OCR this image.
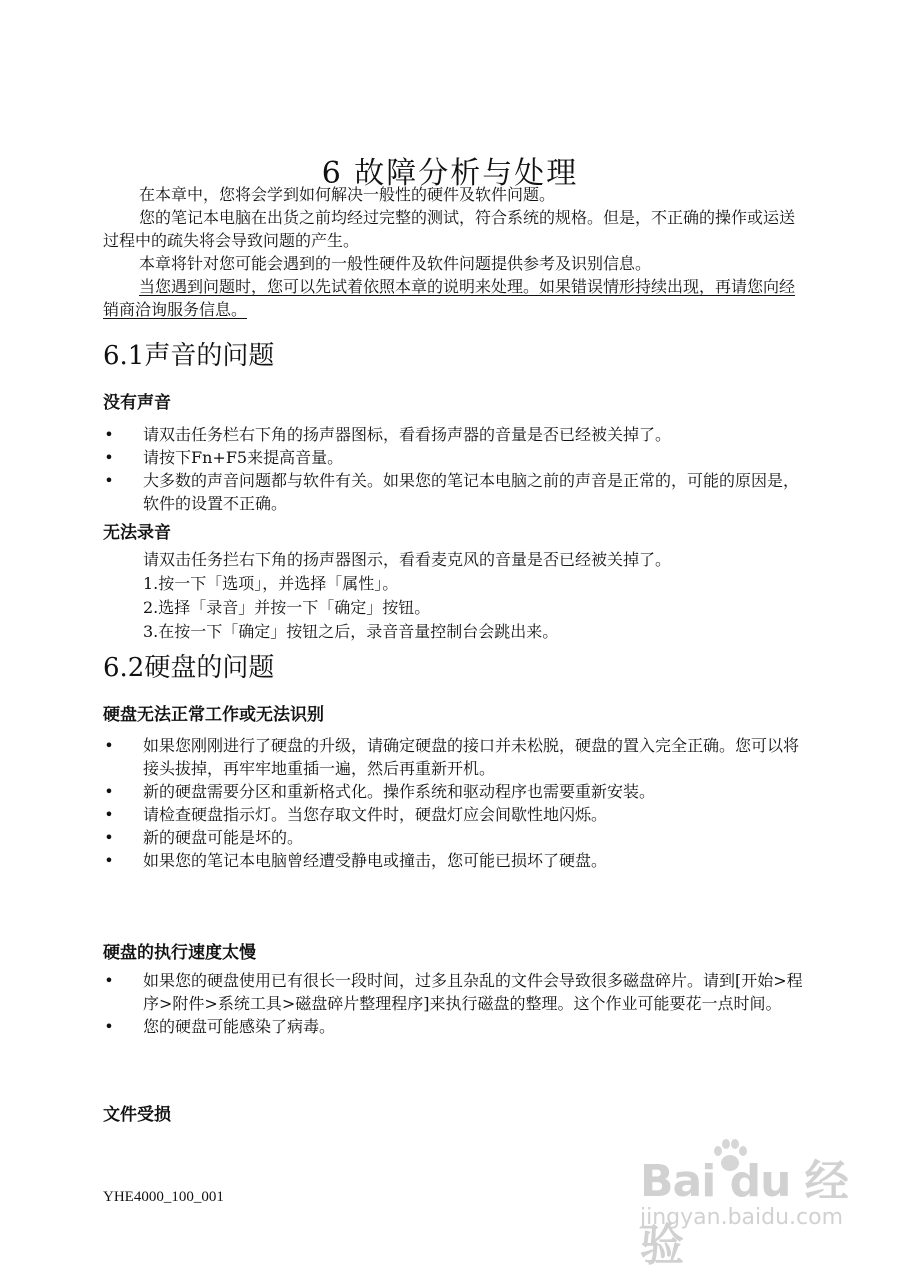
6 故障分析与处理

在本章中，您将会学到如何解决一般性的硬件及软件问题。

您的笔记本电脑在出货之前均经过完整的测试，符合系统的规格。但是，不正确的操作或运送过程中的疏失将会导致问题的产生。

本章将针对您可能会遇到的一般性硬件及软件问题提供参考及识别信息。

当您遇到问题时，您可以先试着依照本章的说明来处理。如果错误情形持续出现，再请您向经销商洽询服务信息。

6.1声音的问题
没有声音
• 请双击任务栏右下角的扬声器图标，看看扬声器的音量是否已经被关掉了。
• 请按下Fn+F5来提高音量。
• 大多数的声音问题都与软件有关。如果您的笔记本电脑之前的声音是正常的，可能的原因是，软件的设置不正确。
无法录音
请双击任务拦右下角的扬声器图示，看看麦克风的音量是否已经被关掉了。
1.按一下「选项」，并选择「属性」。
2.选择「录音」并按一下「确定」按钮。
3.在按一下「确定」按钮之后，录音音量控制台会跳出来。
6.2硬盘的问题
硬盘无法正常工作或无法识别
• 如果您刚刚进行了硬盘的升级，请确定硬盘的接口并未松脱，硬盘的置入完全正确。您可以将接头拔掉，再牢牢地重插一遍，然后再重新开机。
• 新的硬盘需要分区和重新格式化。操作系统和驱动程序也需要重新安装。
• 请检查硬盘指示灯。当您存取文件时，硬盘灯应会间歇性地闪烁。
• 新的硬盘可能是坏的。
• 如果您的笔记本电脑曾经遭受静电或撞击，您可能已损坏了硬盘。
硬盘的执行速度太慢
• 如果您的硬盘使用已有很长一段时间，过多且杂乱的文件会导致很多磁盘碎片。请到[开始>程序>附件>系统工具>磁盘碎片整理程序]来执行磁盘的整理。这个作业可能要花一点时间。
• 您的硬盘可能感染了病毒。
文件受损
YHE4000_100_001	Bai du 经验
jingyan.baidu.com
